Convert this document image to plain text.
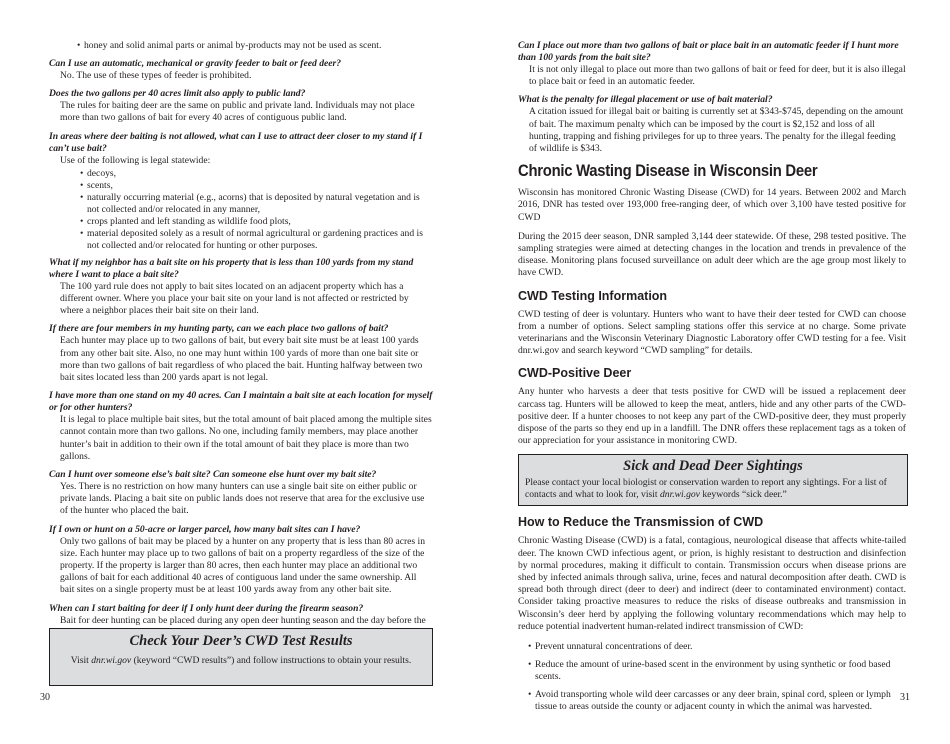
• honey and solid animal parts or animal by-products may not be used as scent.

Can I use an automatic, mechanical or gravity feeder to bait or feed deer?

No. The use of these types of feeder is prohibited.

Does the two gallons per 40 acres limit also apply to public land?

The rules for baiting deer are the same on public and private land. Individuals may not place more than two gallons of bait for every 40 acres of contiguous public land.

In areas where deer baiting is not allowed, what can I use to attract deer closer to my stand if I can’t use bait?

Use of the following is legal statewide:

• decoys,
• scents,
• naturally occurring material (e.g., acorns) that is deposited by natural vegetation and is not collected and/or relocated in any manner,
• crops planted and left standing as wildlife food plots,
• material deposited solely as a result of normal agricultural or gardening practices and is not collected and/or relocated for hunting or other purposes.

What if my neighbor has a bait site on his property that is less than 100 yards from my stand where I want to place a bait site?

The 100 yard rule does not apply to bait sites located on an adjacent property which has a different owner. Where you place your bait site on your land is not affected or restricted by where a neighbor places their bait site on their land.

If there are four members in my hunting party, can we each place two gallons of bait?

Each hunter may place up to two gallons of bait, but every bait site must be at least 100 yards from any other bait site. Also, no one may hunt within 100 yards of more than one bait site or more than two gallons of bait regardless of who placed the bait. Hunting halfway between two bait sites located less than 200 yards apart is not legal.

I have more than one stand on my 40 acres. Can I maintain a bait site at each location for myself or for other hunters?

It is legal to place multiple bait sites, but the total amount of bait placed among the multiple sites cannot contain more than two gallons. No one, including family members, may place another hunter’s bait in addition to their own if the total amount of bait they place is more than two gallons.

Can I hunt over someone else’s bait site? Can someone else hunt over my bait site?

Yes. There is no restriction on how many hunters can use a single bait site on either public or private lands. Placing a bait site on public lands does not reserve that area for the exclusive use of the hunter who placed the bait.

If I own or hunt on a 50-acre or larger parcel, how many bait sites can I have?

Only two gallons of bait may be placed by a hunter on any property that is less than 80 acres in size. Each hunter may place up to two gallons of bait on a property regardless of the size of the property. If the property is larger than 80 acres, then each hunter may place an additional two gallons of bait for each additional 40 acres of contiguous land under the same ownership. All bait sites on a single property must be at least 100 yards away from any other bait site.

When can I start baiting for deer if I only hunt deer during the firearm season?

Bait for deer hunting can be placed during any open deer hunting season and the day before the

Check Your Deer’s CWD Test Results
Visit dnr.wi.gov (keyword “CWD results”) and follow instructions to obtain your results.
30

Can I place out more than two gallons of bait or place bait in an automatic feeder if I hunt more than 100 yards from the bait site?

It is not only illegal to place out more than two gallons of bait or feed for deer, but it is also illegal to place bait or feed in an automatic feeder.

What is the penalty for illegal placement or use of bait material?

A citation issued for illegal bait or baiting is currently set at $343-$745, depending on the amount of bait. The maximum penalty which can be imposed by the court is $2,152 and loss of all hunting, trapping and fishing privileges for up to three years. The penalty for the illegal feeding of wildlife is $343.

Chronic Wasting Disease in Wisconsin Deer

Wisconsin has monitored Chronic Wasting Disease (CWD) for 14 years. Between 2002 and March 2016, DNR has tested over 193,000 free-ranging deer, of which over 3,100 have tested positive for CWD

During the 2015 deer season, DNR sampled 3,144 deer statewide. Of these, 298 tested positive. The sampling strategies were aimed at detecting changes in the location and trends in prevalence of the disease. Monitoring plans focused surveillance on adult deer which are the age group most likely to have CWD.

CWD Testing Information

CWD testing of deer is voluntary. Hunters who want to have their deer tested for CWD can choose from a number of options. Select sampling stations offer this service at no charge. Some private veterinarians and the Wisconsin Veterinary Diagnostic Laboratory offer CWD testing for a fee. Visit dnr.wi.gov and search keyword “CWD sampling” for details.

CWD-Positive Deer

Any hunter who harvests a deer that tests positive for CWD will be issued a replacement deer carcass tag. Hunters will be allowed to keep the meat, antlers, hide and any other parts of the CWD-positive deer. If a hunter chooses to not keep any part of the CWD-positive deer, they must properly dispose of the parts so they end up in a landfill. The DNR offers these replacement tags as a token of our appreciation for your assistance in monitoring CWD.

Sick and Dead Deer Sightings
Please contact your local biologist or conservation warden to report any sightings. For a list of contacts and what to look for, visit dnr.wi.gov keywords “sick deer.”
How to Reduce the Transmission of CWD

Chronic Wasting Disease (CWD) is a fatal, contagious, neurological disease that affects white-tailed deer. The known CWD infectious agent, or prion, is highly resistant to destruction and disinfection by normal procedures, making it difficult to contain. Transmission occurs when disease prions are shed by infected animals through saliva, urine, feces and natural decomposition after death. CWD is spread both through direct (deer to deer) and indirect (deer to contaminated environment) contact. Consider taking proactive measures to reduce the risks of disease outbreaks and transmission in Wisconsin’s deer herd by applying the following voluntary recommendations which may help to reduce potential inadvertent human-related indirect transmission of CWD:

• Prevent unnatural concentrations of deer.
• Reduce the amount of urine-based scent in the environment by using synthetic or food based scents.
• Avoid transporting whole wild deer carcasses or any deer brain, spinal cord, spleen or lymph tissue to areas outside the county or adjacent county in which the animal was harvested.
31
